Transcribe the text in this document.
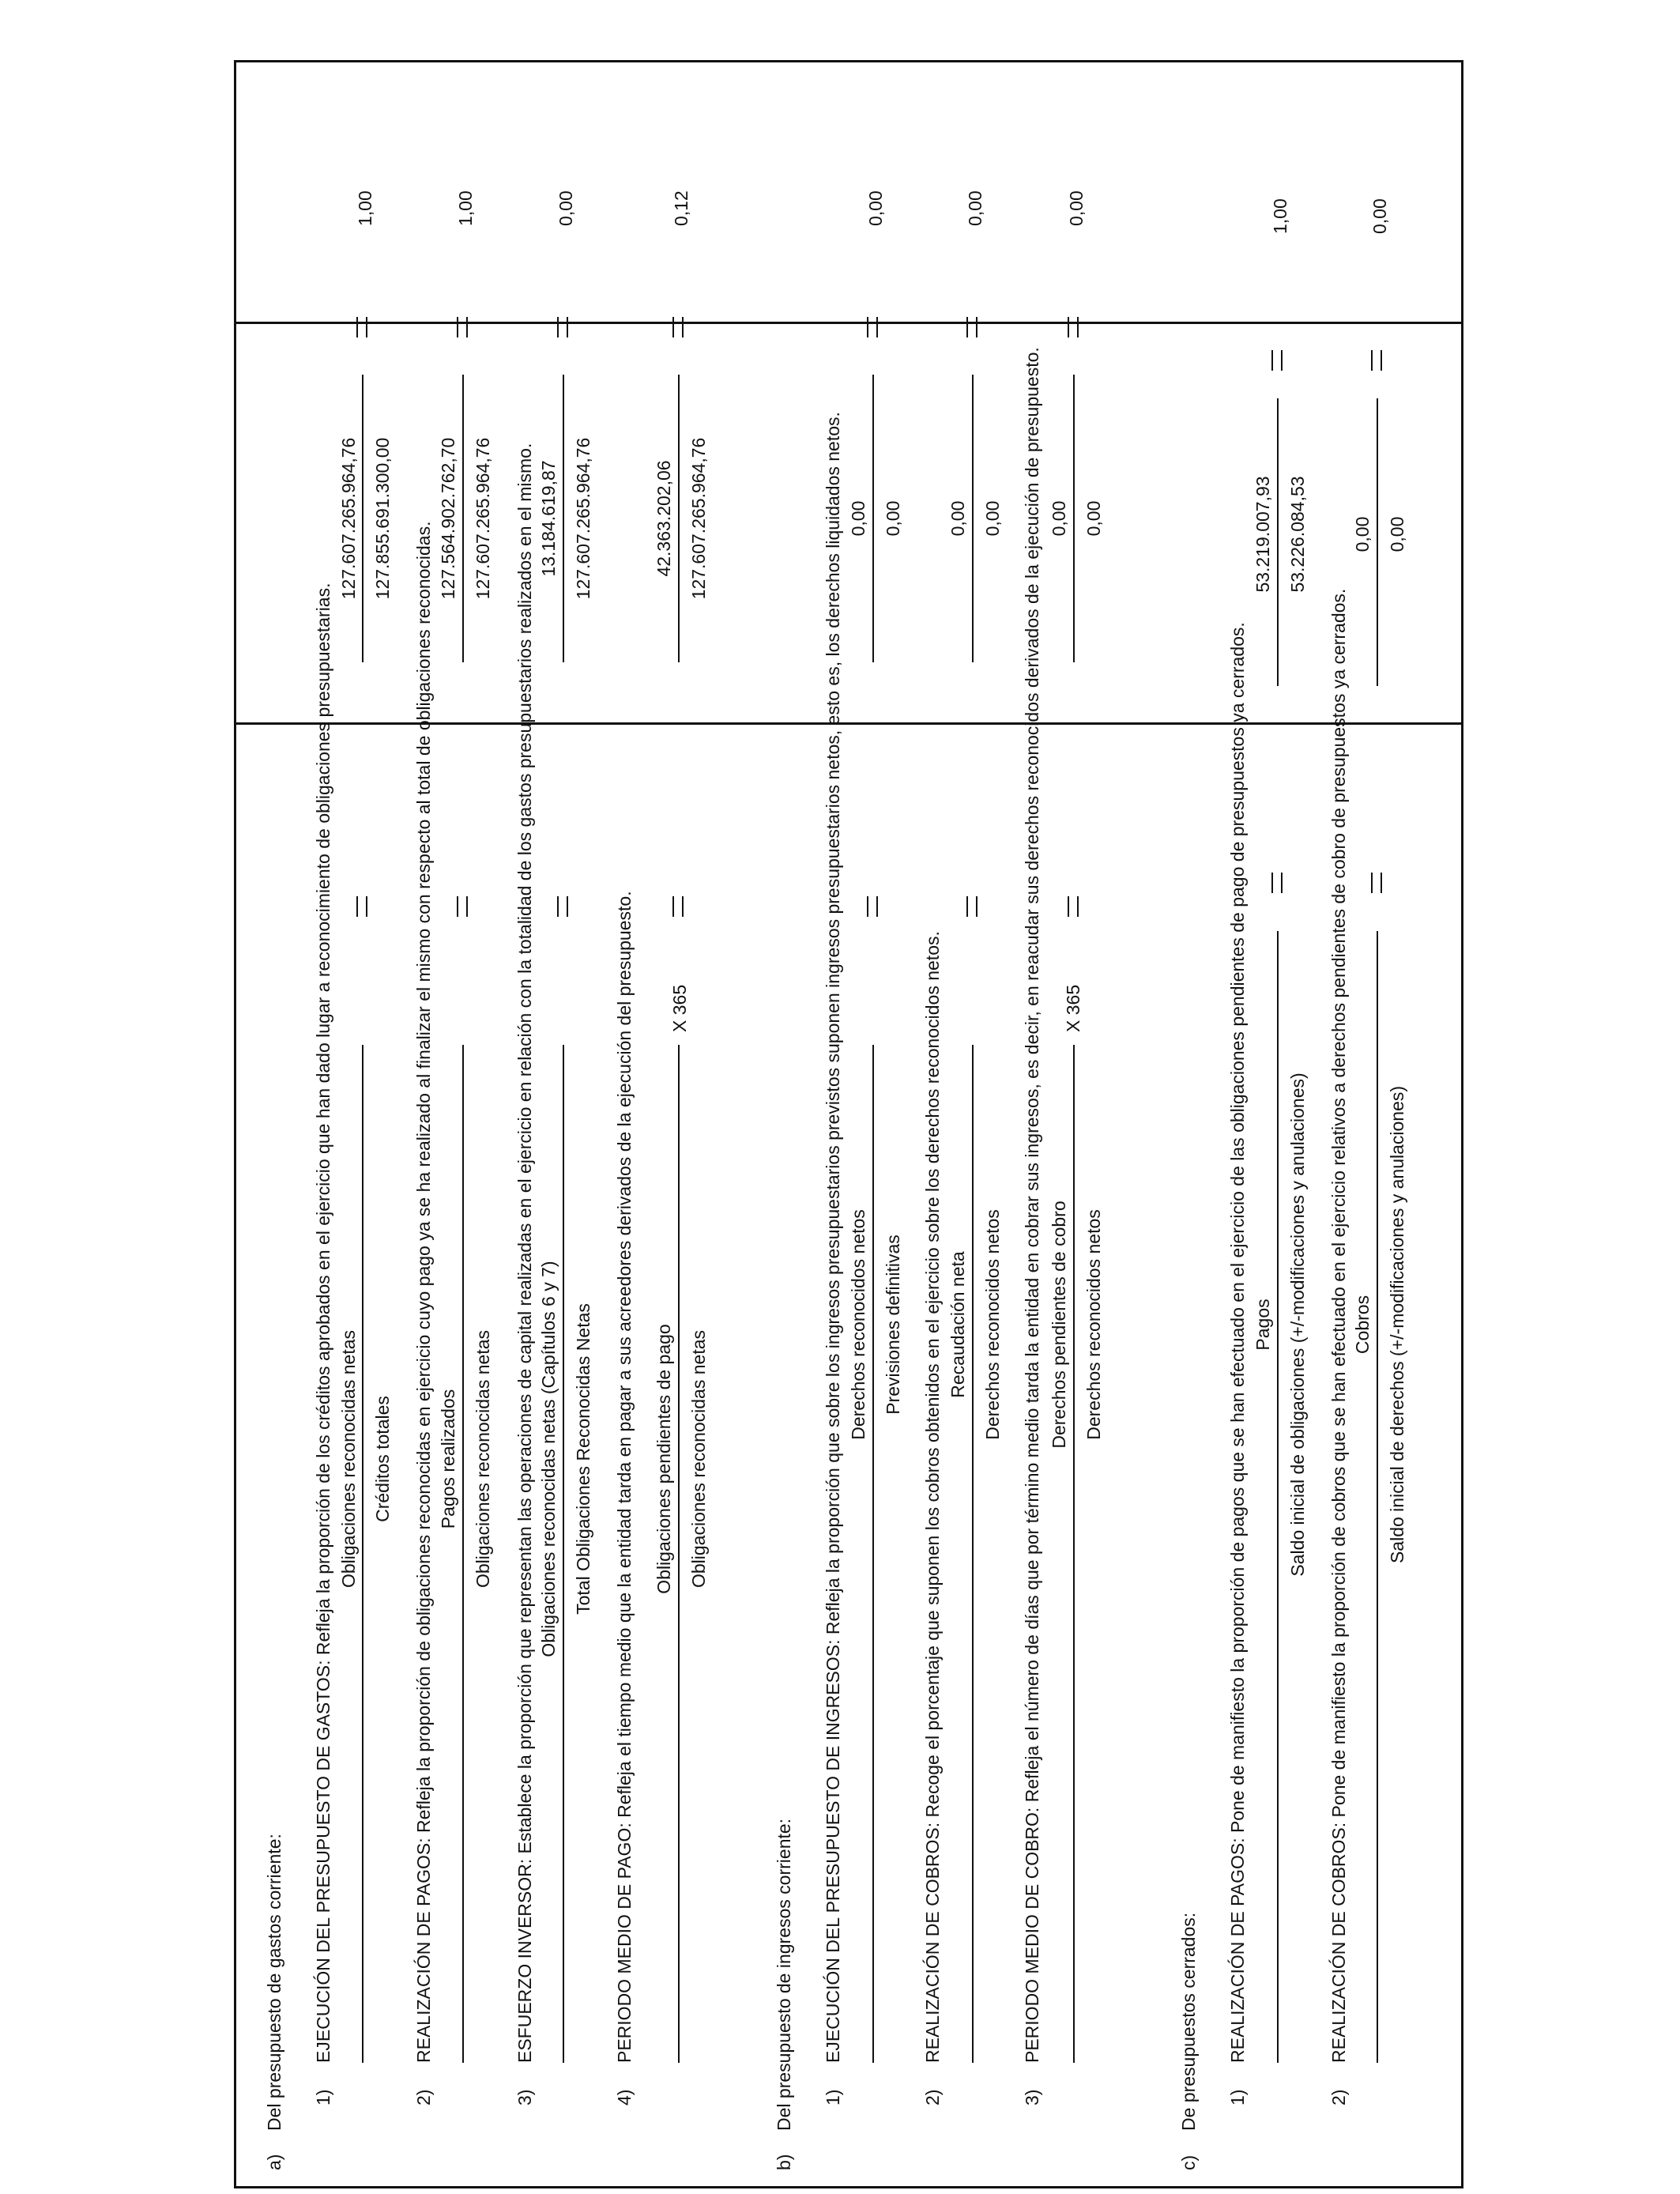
a)
Del presupuesto de gastos corriente: 1)
EJECUCIÓN DEL PRESUPUESTO DE GASTOS: Refleja la proporción de los créditos aprobados en el ejercicio que han dado lugar a reconocimiento de obligaciones presupuestarias. Obligaciones reconocidas netas Créditos totales
127.607.265.964,76 127.855.691.300,00
1,00
2)
REALIZACIÓN DE PAGOS: Refleja la proporción de obligaciones reconocidas en ejercicio cuyo pago ya se ha realizado al finalizar el mismo con respecto al total de obligaciones reconocidas. Pagos realizados Obligaciones reconocidas netas
127.564.902.762,70 127.607.265.964,76
1,00
3)
ESFUERZO INVERSOR: Establece la proporción que representan las operaciones de capital realizadas en el ejercicio en relación con la totalidad de los gastos presupuestarios realizados en el mismo. Obligaciones reconocidas netas (Capítulos 6 y 7) Total Obligaciones Reconocidas Netas
13.184.619,87 127.607.265.964,76
0,00
4)
PERIODO MEDIO DE PAGO: Refleja el tiempo medio que la entidad tarda en pagar a sus acreedores derivados de la ejecución del presupuesto. Obligaciones pendientes de pago Obligaciones reconocidas netas
X 365
42.363.202,06 127.607.265.964,76
0,12
b)
Del presupuesto de ingresos corriente: 1)
EJECUCIÓN DEL PRESUPUESTO DE INGRESOS: Refleja la proporción que sobre los ingresos presupuestarios previstos suponen ingresos presupuestarios netos, esto es, los derechos liquidados netos. Derechos reconocidos netos Previsiones definitivas
0,00 0,00
0,00
2)
REALIZACIÓN DE COBROS: Recoge el porcentaje que suponen los cobros obtenidos en el ejercicio sobre los derechos reconocidos netos. Recaudación neta Derechos reconocidos netos
0,00 0,00
0,00
3)
PERIODO MEDIO DE COBRO: Refleja el número de días que por término medio tarda la entidad en cobrar sus ingresos, es decir, en reacudar sus derechos reconocidos derivados de la ejecución de presupuesto. Derechos pendientes de cobro Derechos reconocidos netos
X 365
0,00 0,00
0,00
c)
De presupuestos cerrados: 1)
REALIZACIÓN DE PAGOS: Pone de manifiesto la proporción de pagos que se han efectuado en el ejercicio de las obligaciones pendientes de pago de presupuestos ya cerrados. Pagos Saldo inicial de obligaciones (+/-modificaciones y anulaciones)
53.219.007,93 53.226.084,53
1,00
2)
REALIZACIÓN DE COBROS: Pone de manifiesto la proporción de cobros que se han efectuado en el ejercicio relativos a derechos pendientes de cobro de presupuestos ya cerrados. Cobros Saldo inicial de derechos (+/-modificaciones y anulaciones)
0,00 0,00
0,00
